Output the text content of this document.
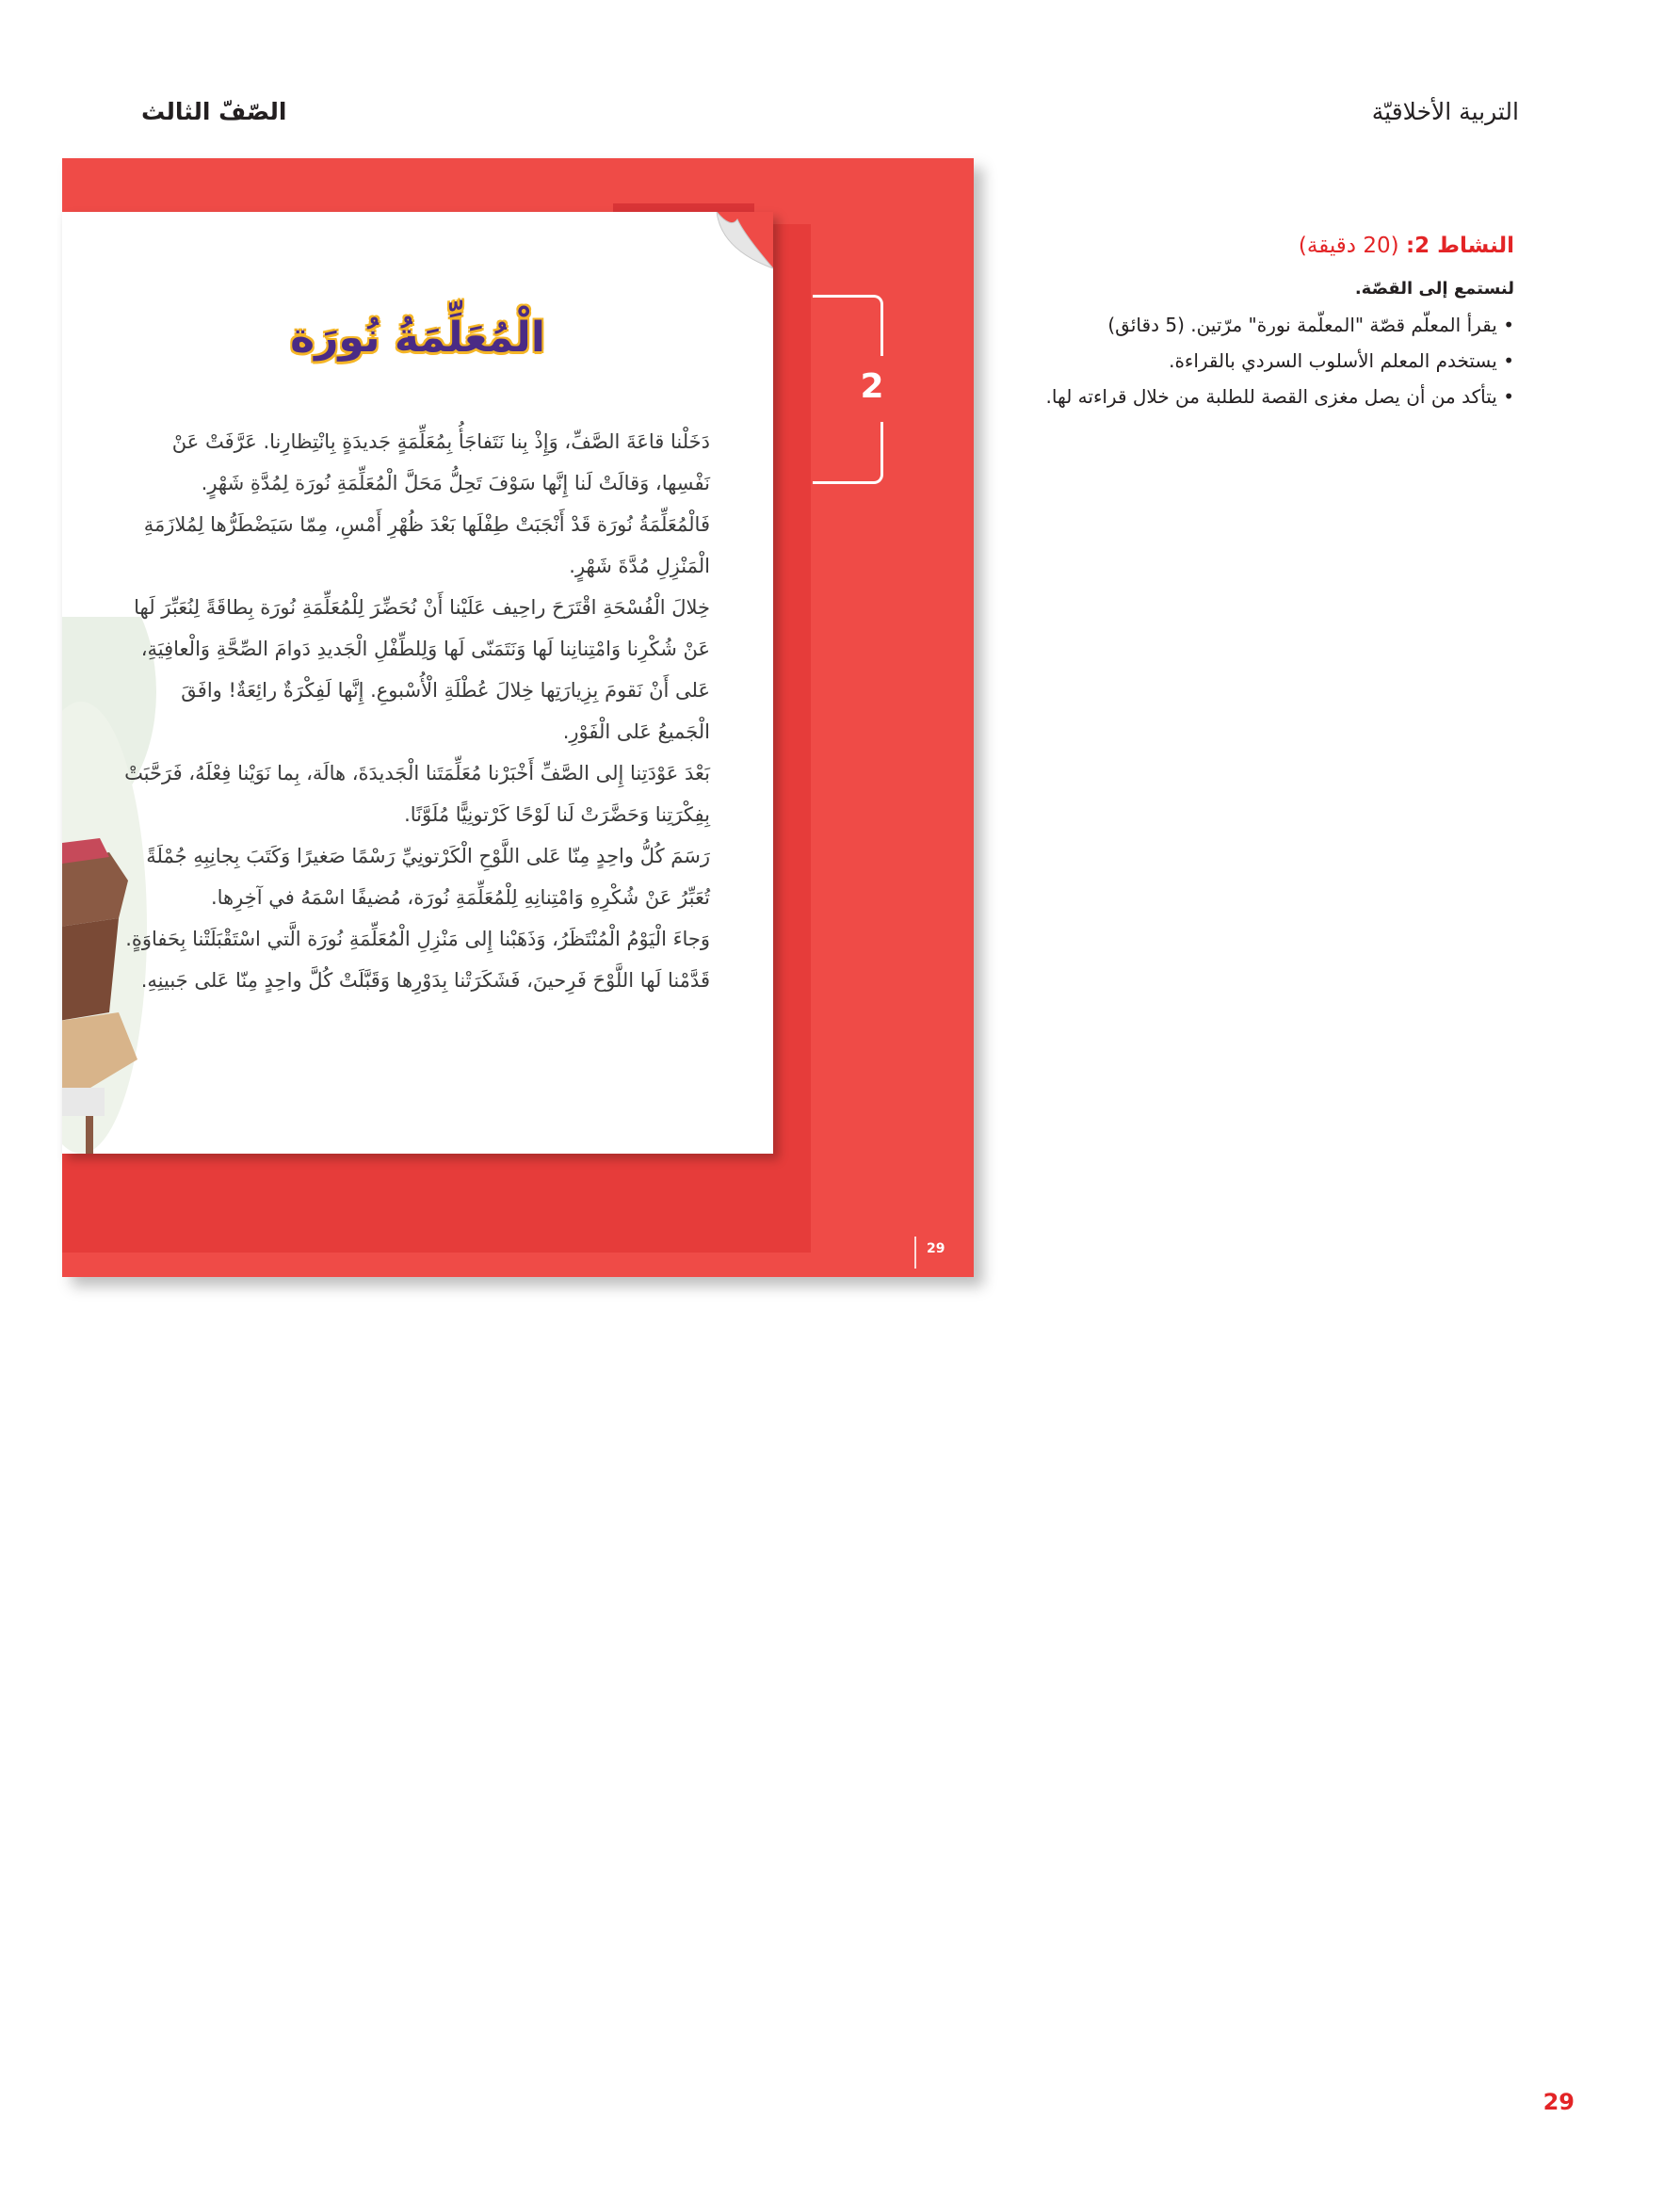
التربية الأخلاقيّة
الصّفّ الثالث
الْمُعَلِّمَةُ نُورَة

دَخَلْنا قاعَةَ الصَّفِّ، وَإِذْ بِنا نَتَفاجَأُ بِمُعَلِّمَةٍ جَديدَةٍ بِانْتِظارِنا. عَرَّفَتْ عَنْ نَفْسِها، وَقالَتْ لَنا إِنَّها سَوْفَ تَحِلُّ مَحَلَّ الْمُعَلِّمَةِ نُورَة لِمُدَّةِ شَهْرٍ.

فَالْمُعَلِّمَةُ نُورَة قَدْ أَنْجَبَتْ طِفْلَها بَعْدَ ظُهْرِ أَمْسِ، مِمّا سَيَضْطَرُّها لِمُلازَمَةِ الْمَنْزِلِ مُدَّةَ شَهْرٍ.

خِلالَ الْفُسْحَةِ اقْتَرَحَ راحِيف عَلَيْنا أَنْ نُحَضِّرَ لِلْمُعَلِّمَةِ نُورَة بِطاقَةً لِنُعَبِّرَ لَها عَنْ شُكْرِنا وَامْتِنانِنا لَها وَنَتَمَنّى لَها وَلِلطِّفْلِ الْجَديدِ دَوامَ الصِّحَّةِ وَالْعافِيَةِ، عَلى أَنْ نَقومَ بِزِيارَتِها خِلالَ عُطْلَةِ الْأُسْبوعِ. إِنَّها لَفِكْرَةٌ رائِعَةٌ! وافَقَ الْجَميعُ عَلى الْفَوْرِ.

بَعْدَ عَوْدَتِنا إِلى الصَّفِّ أَخْبَرْنا مُعَلِّمَتَنا الْجَديدَةَ، هالَة، بِما نَوَيْنا فِعْلَهُ، فَرَحَّبَتْ بِفِكْرَتِنا وَحَضَّرَتْ لَنا لَوْحًا كَرْتونِيًّا مُلَوَّنًا.

رَسَمَ كُلُّ واحِدٍ مِنّا عَلى اللَّوْحِ الْكَرْتونِيِّ رَسْمًا صَغيرًا وَكَتَبَ بِجانِبِهِ جُمْلَةً تُعَبِّرُ عَنْ شُكْرِهِ وَامْتِنانِهِ لِلْمُعَلِّمَةِ نُورَة، مُضيفًا اسْمَهُ في آخِرِها.

وَجاءَ الْيَوْمُ الْمُنْتَظَرُ، وَذَهَبْنا إِلى مَنْزِلِ الْمُعَلِّمَةِ نُورَة الَّتي اسْتَقْبَلَتْنا بِحَفاوَةٍ. قَدَّمْنا لَها اللَّوْحَ فَرِحينَ، فَشَكَرَتْنا بِدَوْرِها وَقَبَّلَتْ كُلَّ واحِدٍ مِنّا عَلى جَبينِهِ.

2
29
النشاط 2: (20 دقيقة)
لنستمع إلى القصّة.
• يقرأ المعلّم قصّة "المعلّمة نورة" مرّتين. (5 دقائق)
• يستخدم المعلم الأسلوب السردي بالقراءة.
• يتأكد من أن يصل مغزى القصة للطلبة من خلال قراءته لها.
29
